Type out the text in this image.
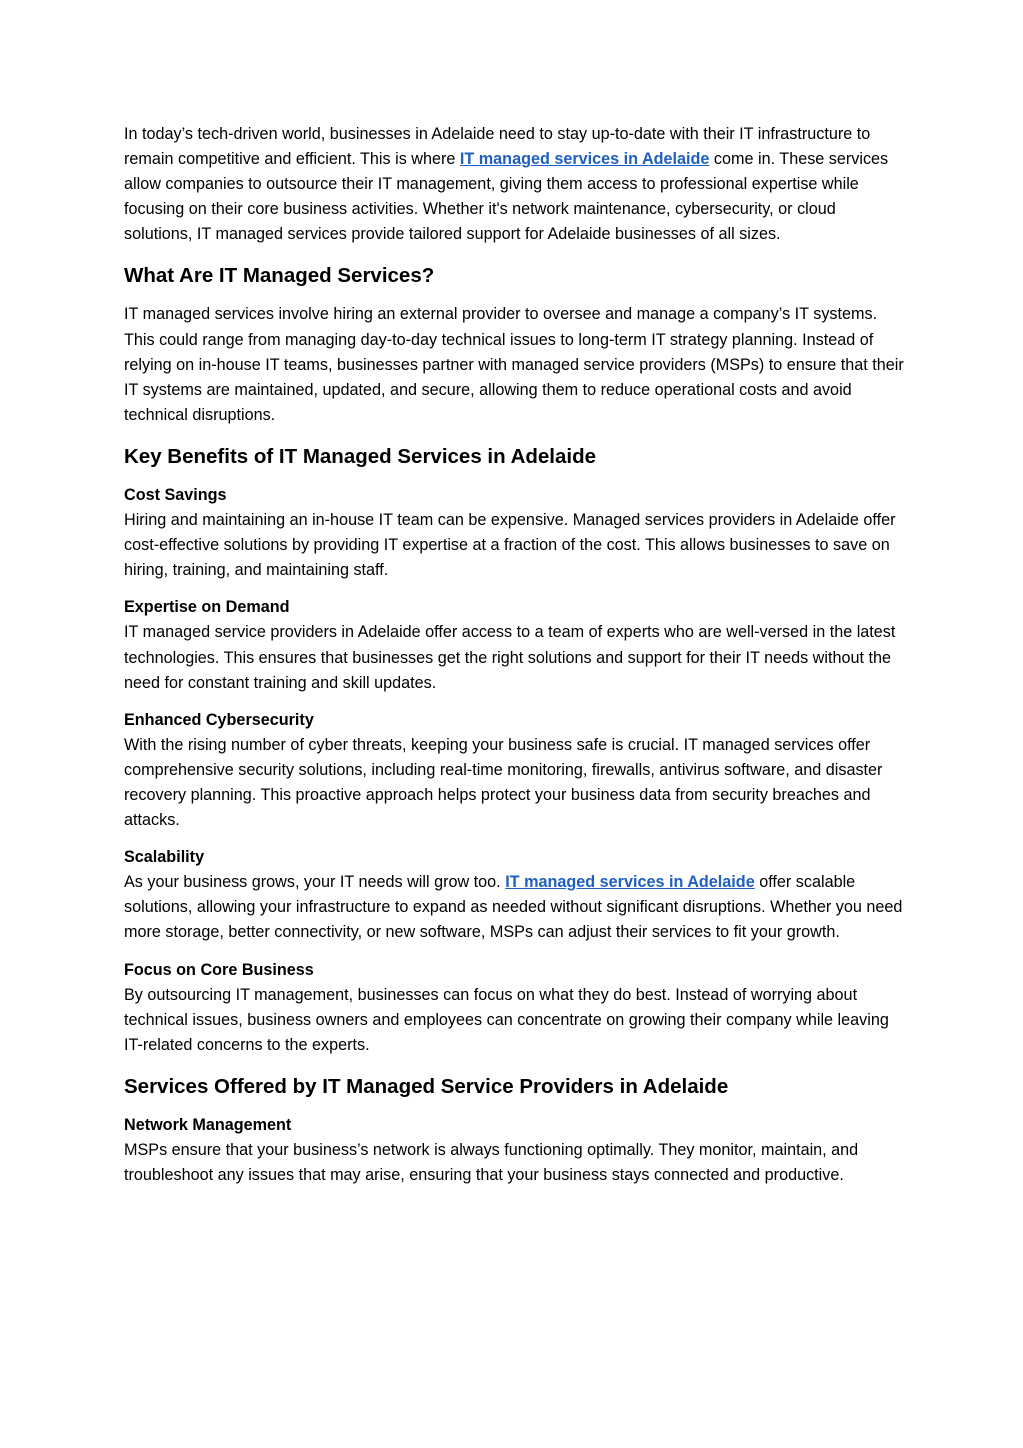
In today’s tech-driven world, businesses in Adelaide need to stay up-to-date with their IT infrastructure to remain competitive and efficient. This is where IT managed services in Adelaide come in. These services allow companies to outsource their IT management, giving them access to professional expertise while focusing on their core business activities. Whether it's network maintenance, cybersecurity, or cloud solutions, IT managed services provide tailored support for Adelaide businesses of all sizes.

What Are IT Managed Services?

IT managed services involve hiring an external provider to oversee and manage a company’s IT systems. This could range from managing day-to-day technical issues to long-term IT strategy planning. Instead of relying on in-house IT teams, businesses partner with managed service providers (MSPs) to ensure that their IT systems are maintained, updated, and secure, allowing them to reduce operational costs and avoid technical disruptions.

Key Benefits of IT Managed Services in Adelaide

Cost Savings
Hiring and maintaining an in-house IT team can be expensive. Managed services providers in Adelaide offer cost-effective solutions by providing IT expertise at a fraction of the cost. This allows businesses to save on hiring, training, and maintaining staff.

Expertise on Demand
IT managed service providers in Adelaide offer access to a team of experts who are well-versed in the latest technologies. This ensures that businesses get the right solutions and support for their IT needs without the need for constant training and skill updates.

Enhanced Cybersecurity
With the rising number of cyber threats, keeping your business safe is crucial. IT managed services offer comprehensive security solutions, including real-time monitoring, firewalls, antivirus software, and disaster recovery planning. This proactive approach helps protect your business data from security breaches and attacks.

Scalability
As your business grows, your IT needs will grow too. IT managed services in Adelaide offer scalable solutions, allowing your infrastructure to expand as needed without significant disruptions. Whether you need more storage, better connectivity, or new software, MSPs can adjust their services to fit your growth.

Focus on Core Business
By outsourcing IT management, businesses can focus on what they do best. Instead of worrying about technical issues, business owners and employees can concentrate on growing their company while leaving IT-related concerns to the experts.

Services Offered by IT Managed Service Providers in Adelaide

Network Management
MSPs ensure that your business’s network is always functioning optimally. They monitor, maintain, and troubleshoot any issues that may arise, ensuring that your business stays connected and productive.
